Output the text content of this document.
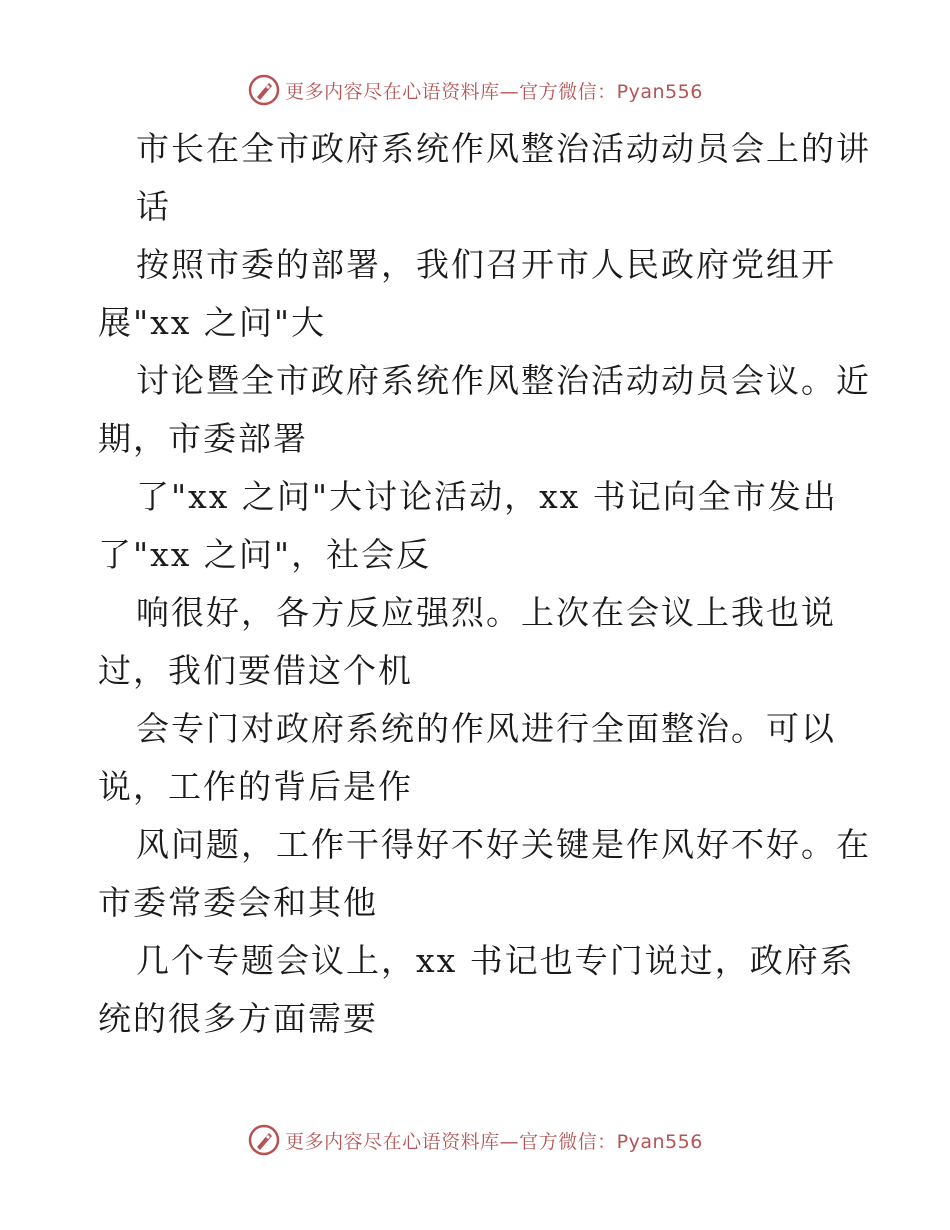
更多内容尽在心语资料库—官方微信：Pyan556
市长在全市政府系统作风整治活动动员会上的讲
话
按照市委的部署，我们召开市人民政府党组开
展"xx 之问"大
讨论暨全市政府系统作风整治活动动员会议。近
期，市委部署
了"xx 之问"大讨论活动，xx 书记向全市发出
了"xx 之问"，社会反
响很好，各方反应强烈。上次在会议上我也说
过，我们要借这个机
会专门对政府系统的作风进行全面整治。可以
说，工作的背后是作
风问题，工作干得好不好关键是作风好不好。在
市委常委会和其他
几个专题会议上，xx 书记也专门说过，政府系
统的很多方面需要
更多内容尽在心语资料库—官方微信：Pyan556
